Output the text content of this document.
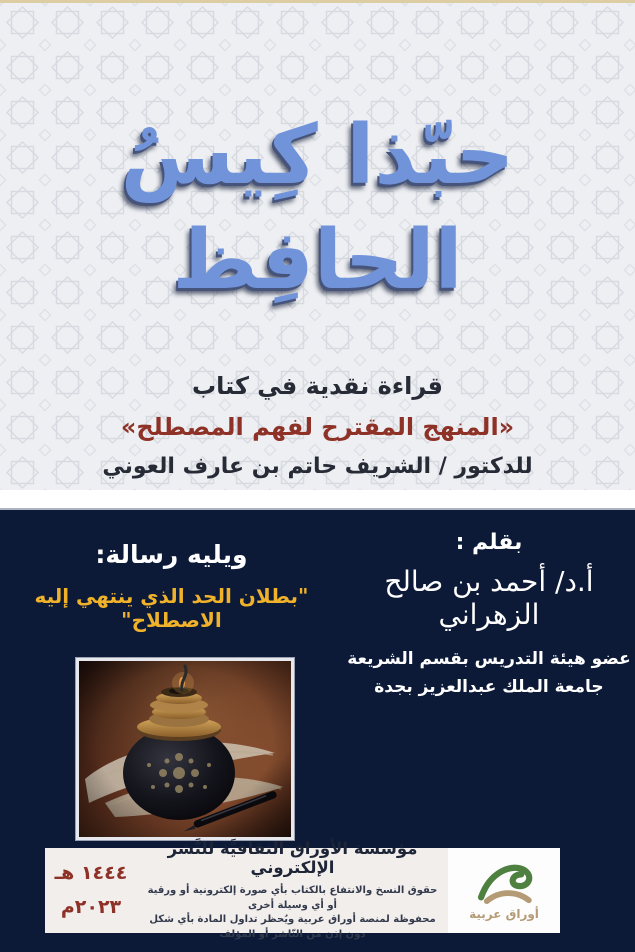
حبّذا كِيسُ الحافِظ
قراءة نقدية في كتاب
«المنهج المقترح لفهم المصطلح»
للدكتور / الشريف حاتم بن عارف العوني
بقلم :
أ.د/ أحمد بن صالح الزهراني
عضو هيئة التدريس بقسم الشريعة
جامعة الملك عبدالعزيز بجدة
ويليه رسالة:
"بطلان الحد الذي ينتهي إليه الاصطلاح"
أوراق عربية
مؤسسة الأوراق الثقافيَّة للنَّشر الإلكتروني
حقوق النسخ والانتفاع بالكتاب بأي صورة إلكترونية أو ورقية أو أي وسيلة أخرى
محفوظة لمنصة أوراق عربية ويُحظر تداول المادة بأي شكل دون إذن من النّاشر أو المؤلف
١٤٤٤ هـ
٢٠٢٣م
